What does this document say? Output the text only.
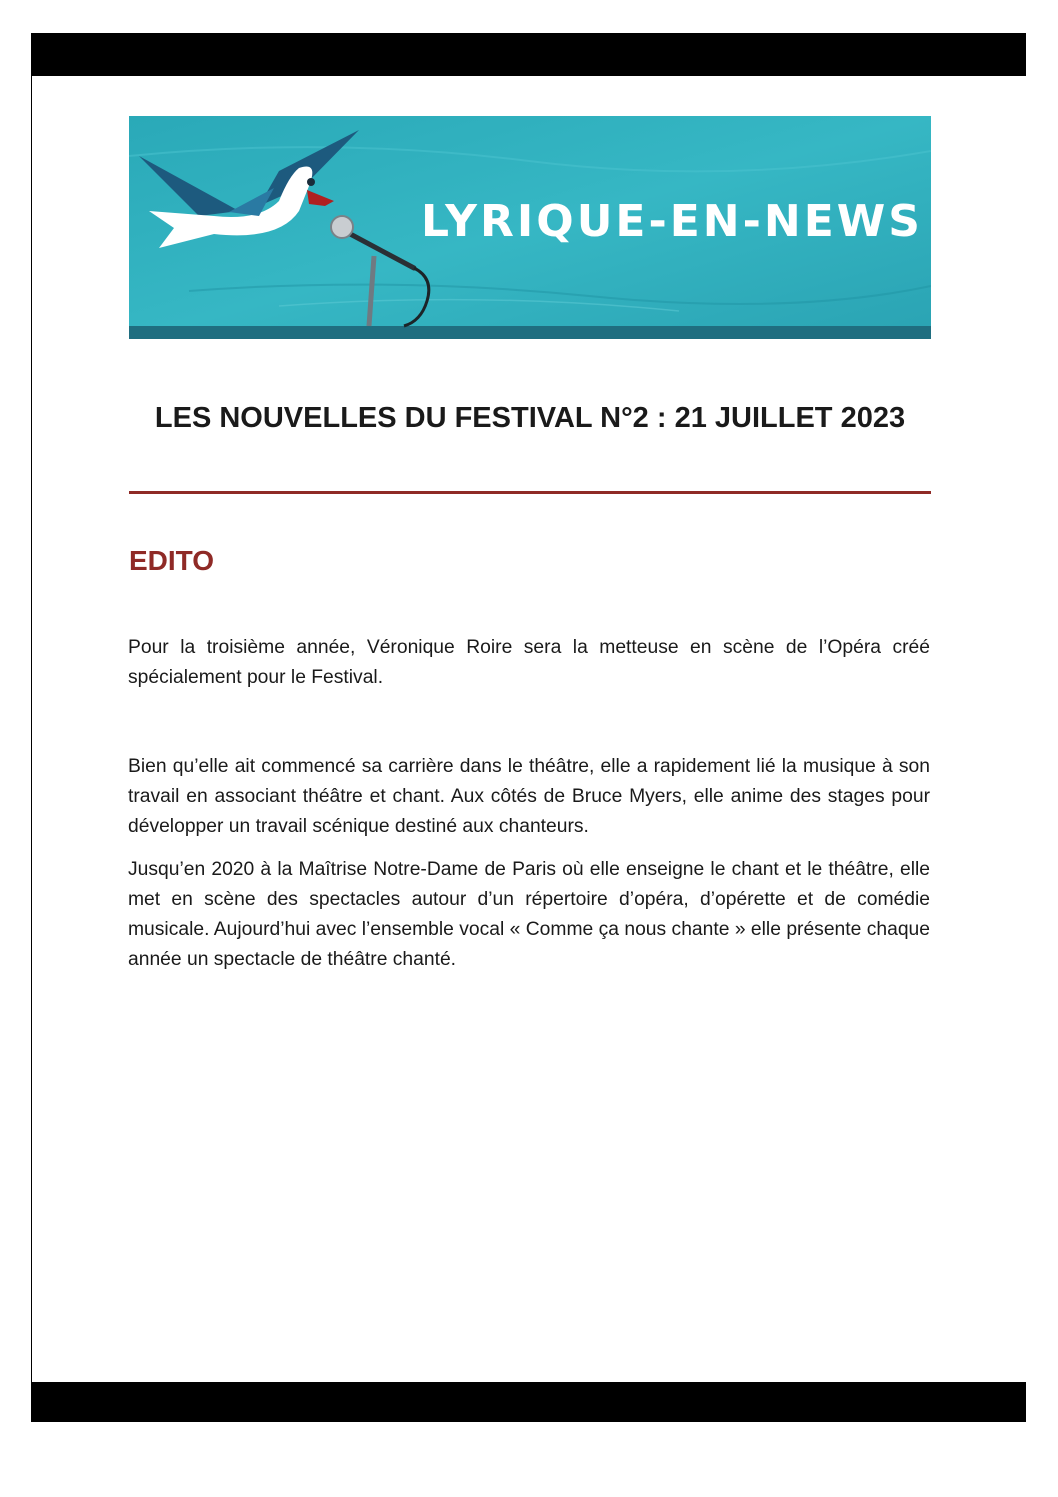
LYRIQUE-EN-NEWS
LES NOUVELLES DU FESTIVAL N°2 : 21 JUILLET 2023
EDITO

Pour la troisième année, Véronique Roire sera la metteuse en scène de l’Opéra créé spécialement pour le Festival.

Bien qu’elle ait commencé sa carrière dans le théâtre, elle a rapidement lié la musique à son travail en associant théâtre et chant. Aux côtés de Bruce Myers, elle anime des stages pour développer un travail scénique destiné aux chanteurs.

Jusqu’en 2020 à la Maîtrise Notre-Dame de Paris où elle enseigne le chant et le théâtre, elle met en scène des spectacles autour d’un répertoire d’opéra, d’opérette et de comédie musicale. Aujourd’hui avec l’ensemble vocal « Comme ça nous chante » elle présente chaque année un spectacle de théâtre chanté.
